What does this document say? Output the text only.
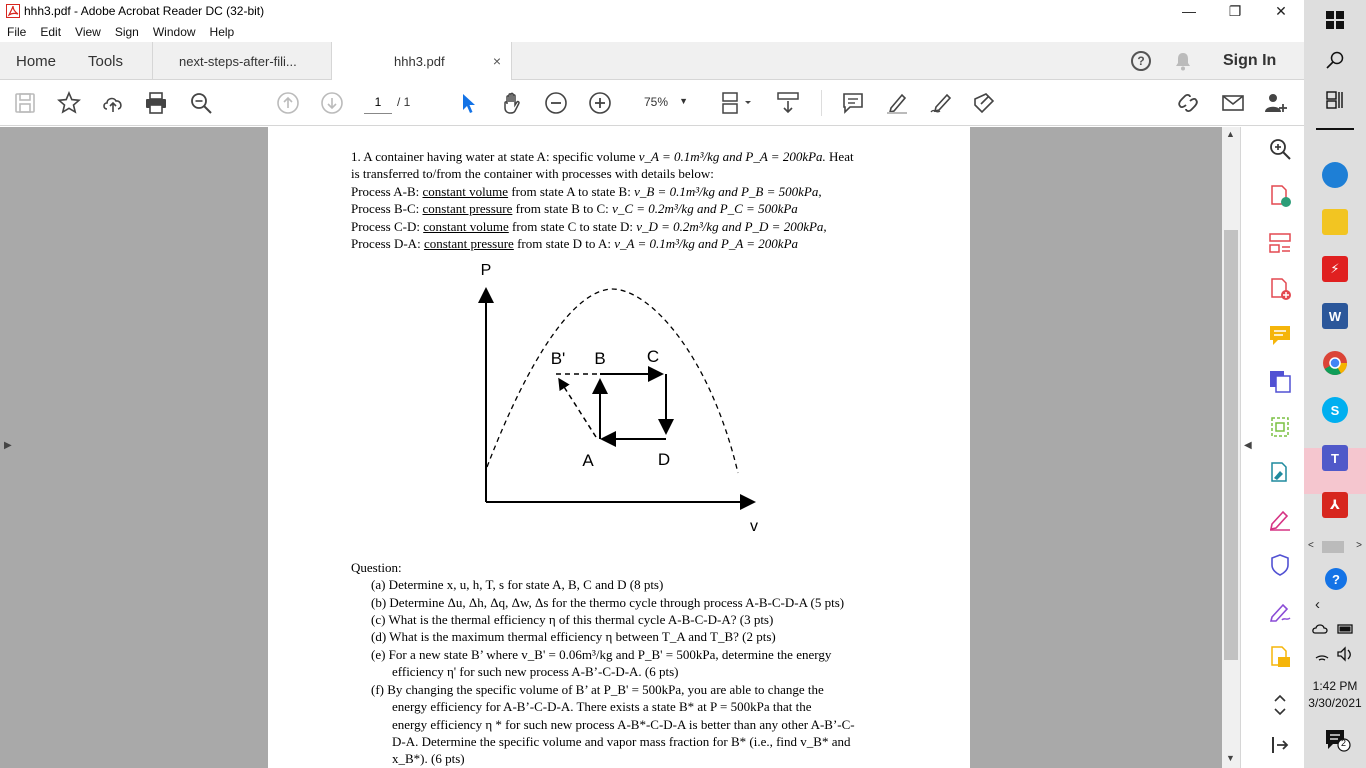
hhh3.pdf - Adobe Acrobat Reader DC (32-bit)	—	❐	✕
File	Edit	View	Sign	Window	Help
Home Tools	next-steps-after-fili...	hhh3.pdf	×	?	Sign In
1	/ 1	75% ▼
▶
1. A container having water at state A: specific volume v_A = 0.1m³/kg and P_A = 200kPa. Heat
is transferred to/from the container with processes with details below:
Process A-B: constant volume from state A to state B: v_B = 0.1m³/kg and P_B = 500kPa,
Process B-C: constant pressure from state B to C: v_C = 0.2m³/kg and P_C = 500kPa
Process C-D: constant volume from state C to state D: v_D = 0.2m³/kg and P_D = 200kPa,
Process D-A: constant pressure from state D to A: v_A = 0.1m³/kg and P_A = 200kPa
P
v
B' B C
A	D
Question:
(a) Determine x, u, h, T, s for state A, B, C and D (8 pts)
(b) Determine Δu, Δh, Δq, Δw, Δs for the thermo cycle through process A-B-C-D-A (5 pts)
(c) What is the thermal efficiency η of this thermal cycle A-B-C-D-A? (3 pts)
(d) What is the maximum thermal efficiency η between T_A and T_B? (2 pts)
(e) For a new state B’ where v_B' = 0.06m³/kg and P_B' = 500kPa, determine the energy
efficiency η' for such new process A-B’-C-D-A. (6 pts)
(f) By changing the specific volume of B’ at P_B' = 500kPa, you are able to change the
energy efficiency for A-B’-C-D-A. There exists a state B* at P = 500kPa that the
energy efficiency η * for such new process A-B*-C-D-A is better than any other A-B’-C-
D-A. Determine the specific volume and vapor mass fraction for B* (i.e., find v_B* and
x_B*). (6 pts)
▲
▼
◀
⚡
W
S
T
⅄
<	>
?
‹
1:42 PM
3/30/2021
2
